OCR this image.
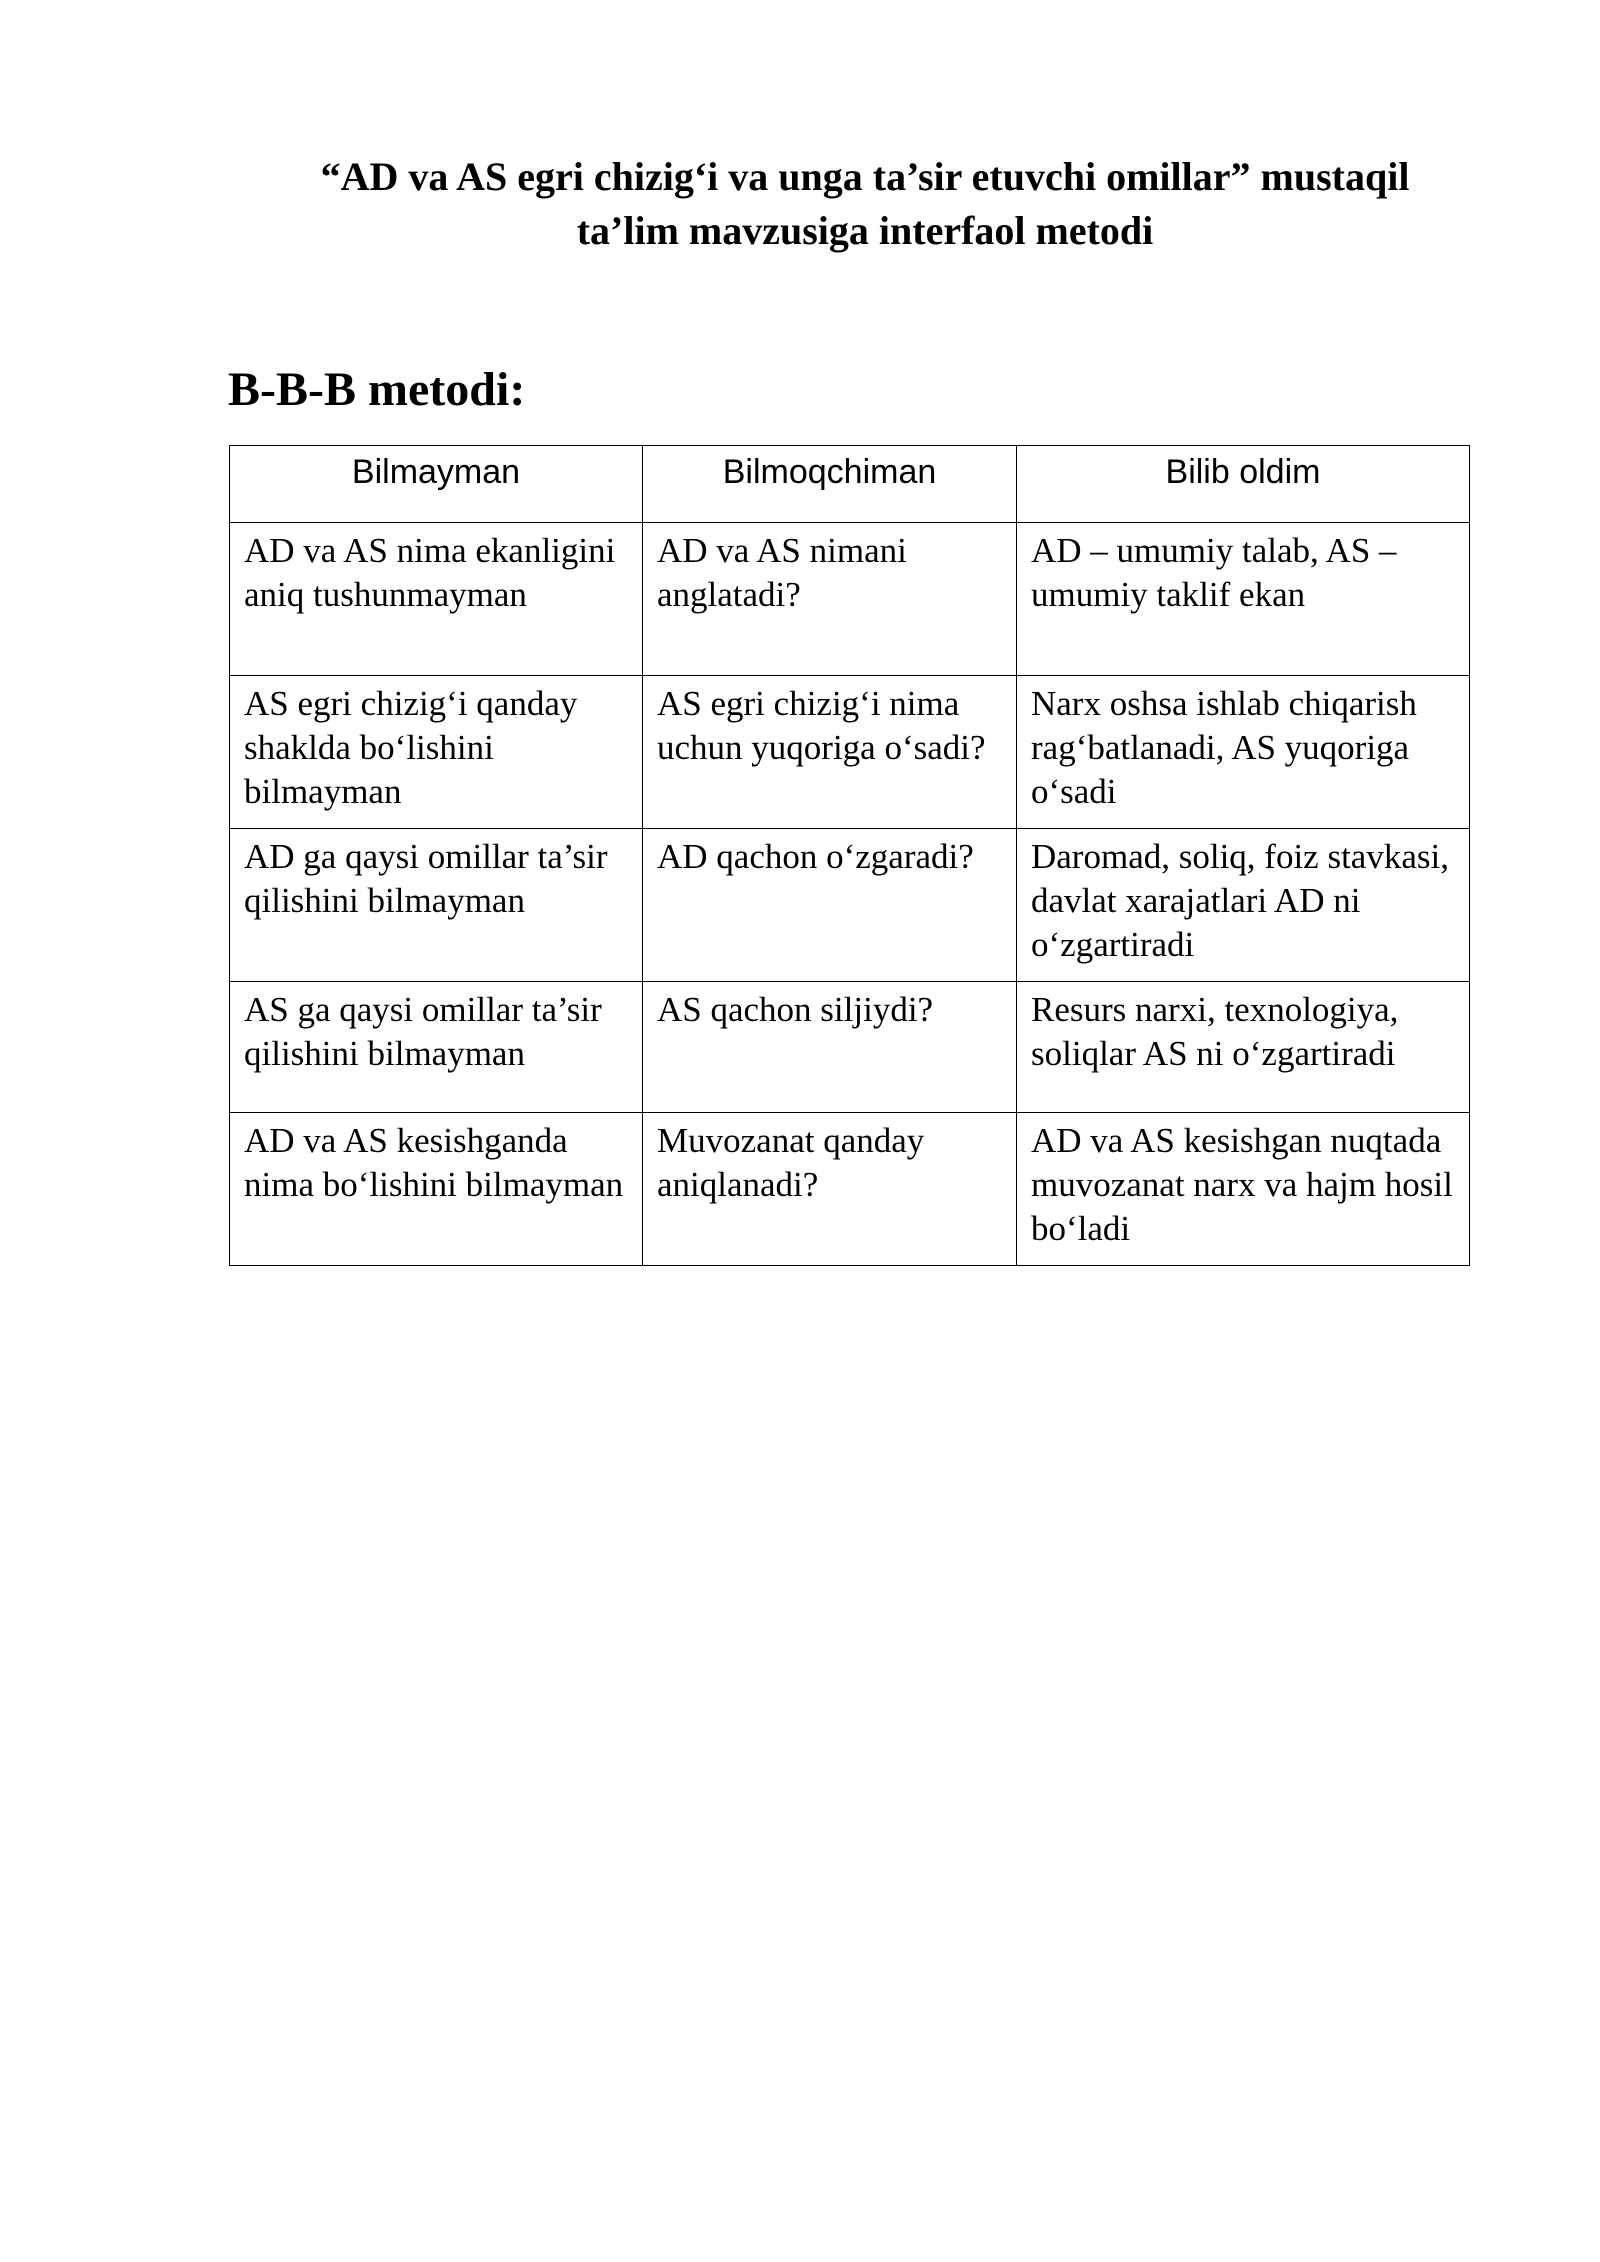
“AD va AS egri chizig‘i va unga ta’sir etuvchi omillar” mustaqil
ta’lim mavzusiga interfaol metodi
B-B-B metodi:
Bilmayman	Bilmoqchiman	Bilib oldim
AD va AS nima ekanligini aniq tushunmayman	AD va AS nimani anglatadi?	AD – umumiy talab, AS – umumiy taklif ekan
AS egri chizig‘i qanday shaklda bo‘lishini bilmayman	AS egri chizig‘i nima uchun yuqoriga o‘sadi?	Narx oshsa ishlab chiqarish rag‘batlanadi, AS yuqoriga o‘sadi
AD ga qaysi omillar ta’sir qilishini bilmayman	AD qachon o‘zgaradi?	Daromad, soliq, foiz stavkasi, davlat xarajatlari AD ni o‘zgartiradi
AS ga qaysi omillar ta’sir qilishini bilmayman	AS qachon siljiydi?	Resurs narxi, texnologiya, soliqlar AS ni o‘zgartiradi
AD va AS kesishganda nima bo‘lishini bilmayman	Muvozanat qanday aniqlanadi?	AD va AS kesishgan nuqtada muvozanat narx va hajm hosil bo‘ladi
